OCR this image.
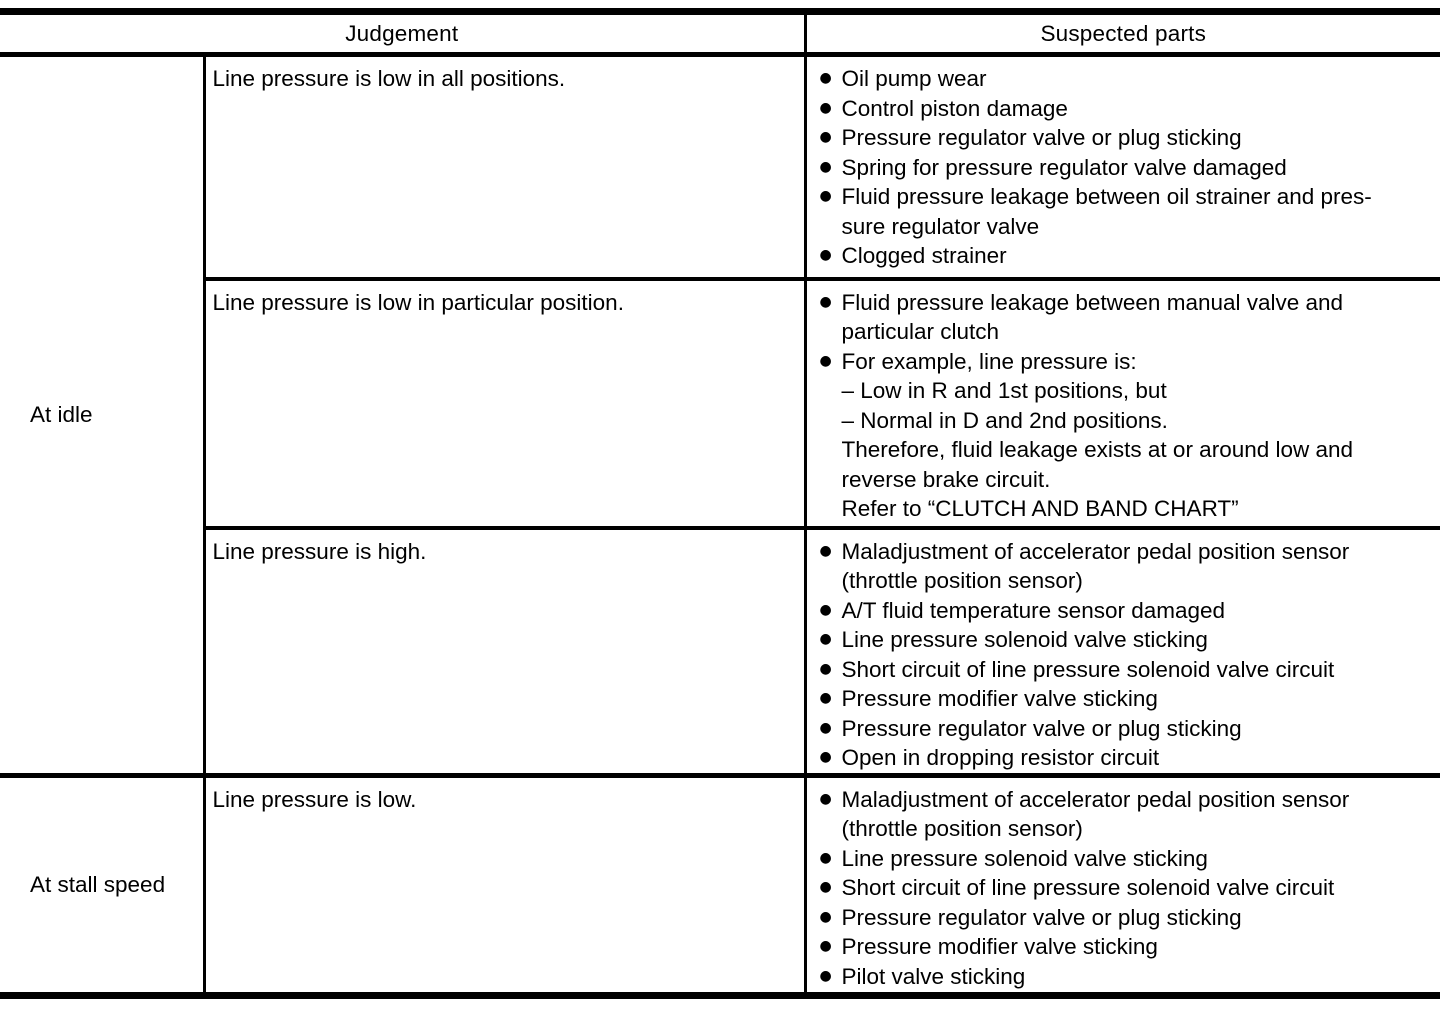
Judgement		Suspected parts
At idle	Line pressure is low in all positions.	● Oil pump wear
● Control piston damage
● Pressure regulator valve or plug sticking
● Spring for pressure regulator valve damaged
● Fluid pressure leakage between oil strainer and pres-
sure regulator valve
● Clogged strainer

Line pressure is low in particular position.	● Fluid pressure leakage between manual valve and
particular clutch
● For example, line pressure is:
– Low in R and 1st positions, but
– Normal in D and 2nd positions.
Therefore, fluid leakage exists at or around low and
reverse brake circuit.
Refer to “CLUTCH AND BAND CHART”

Line pressure is high.	● Maladjustment of accelerator pedal position sensor
(throttle position sensor)
● A/T fluid temperature sensor damaged
● Line pressure solenoid valve sticking
● Short circuit of line pressure solenoid valve circuit
● Pressure modifier valve sticking
● Pressure regulator valve or plug sticking
● Open in dropping resistor circuit

At stall speed	Line pressure is low.	● Maladjustment of accelerator pedal position sensor
(throttle position sensor)
● Line pressure solenoid valve sticking
● Short circuit of line pressure solenoid valve circuit
● Pressure regulator valve or plug sticking
● Pressure modifier valve sticking
● Pilot valve sticking
